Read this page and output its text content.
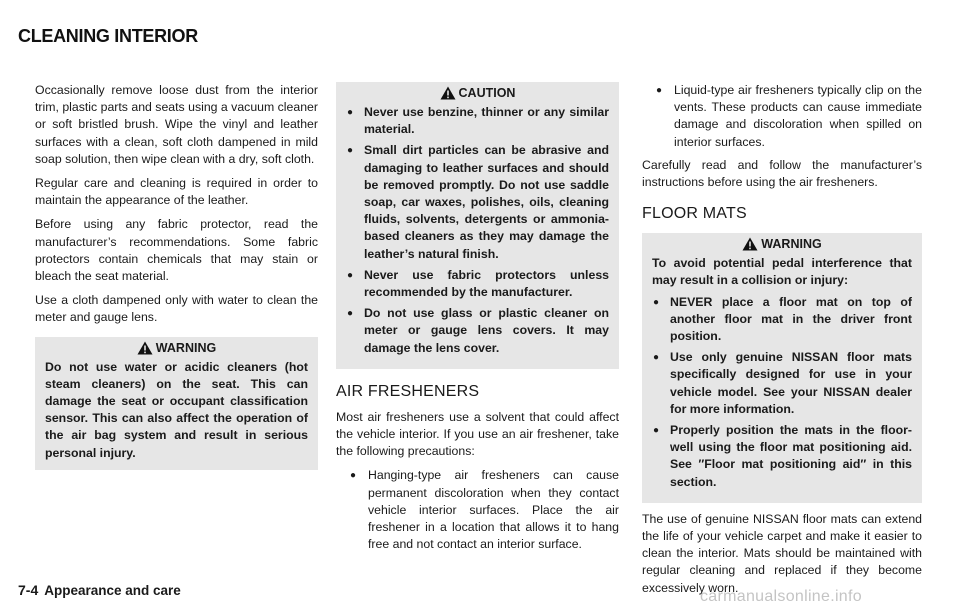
CLEANING INTERIOR

Occasionally remove loose dust from the interior trim, plastic parts and seats using a vacuum cleaner or soft bristled brush. Wipe the vinyl and leather surfaces with a clean, soft cloth dampened in mild soap solution, then wipe clean with a dry, soft cloth.

Regular care and cleaning is required in order to maintain the appearance of the leather.

Before using any fabric protector, read the manufacturer’s recommendations. Some fabric protectors contain chemicals that may stain or bleach the seat material.

Use a cloth dampened only with water to clean the meter and gauge lens.

WARNING
Do not use water or acidic cleaners (hot steam cleaners) on the seat. This can damage the seat or occupant classification sensor. This can also affect the operation of the air bag system and result in serious personal injury.
CAUTION
● Never use benzine, thinner or any similar material.
● Small dirt particles can be abrasive and damaging to leather surfaces and should be removed promptly. Do not use saddle soap, car waxes, polishes, oils, cleaning fluids, solvents, detergents or ammonia-based cleaners as they may damage the leather’s natural finish.
● Never use fabric protectors unless recommended by the manufacturer.
● Do not use glass or plastic cleaner on meter or gauge lens covers. It may damage the lens cover.
AIR FRESHENERS

Most air fresheners use a solvent that could affect the vehicle interior. If you use an air freshener, take the following precautions:

● Hanging-type air fresheners can cause permanent discoloration when they contact vehicle interior surfaces. Place the air freshener in a location that allows it to hang free and not contact an interior surface.
● Liquid-type air fresheners typically clip on the vents. These products can cause immediate damage and discoloration when spilled on interior surfaces.

Carefully read and follow the manufacturer’s instructions before using the air fresheners.

FLOOR MATS
WARNING
To avoid potential pedal interference that may result in a collision or injury:
● NEVER place a floor mat on top of another floor mat in the driver front position.
● Use only genuine NISSAN floor mats specifically designed for use in your vehicle model. See your NISSAN dealer for more information.
● Properly position the mats in the floor-well using the floor mat positioning aid. See ″Floor mat positioning aid″ in this section.

The use of genuine NISSAN floor mats can extend the life of your vehicle carpet and make it easier to clean the interior. Mats should be maintained with regular cleaning and replaced if they become excessively worn.

7-4 Appearance and care	carmanualsonline.info
